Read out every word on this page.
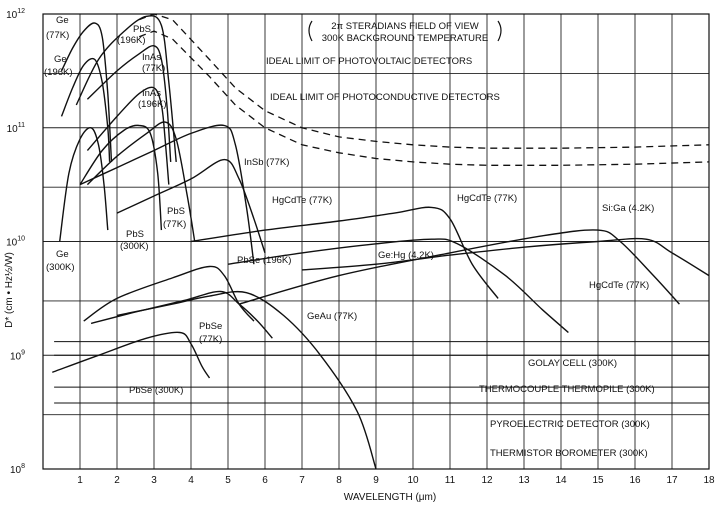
1	2	3	4	5	6	7	8	9	10	11	12	13	14	15	16	17	18
$10^{12}$
$10^{11}$
$10^{10}$
$10^9$
$10^8$
2π STERADIANS FIELD OF VIEW
300K BACKGROUND TEMPERATURE
WAVELENGTH (μm)
D* (cm • Hz½/W)
Ge
(77K)
Ge
(196K)
PbS
(196K)
InAs
(77K)
InAs
(196K)
IDEAL LIMIT OF PHOTOVOLTAIC DETECTORS
IDEAL LIMIT OF PHOTOCONDUCTIVE DETECTORS
InSb (77K)
HgCdTe (77K)	HgCdTe (77K)
Si:Ga (4.2K)
PbS
(77K)
PbS
(300K)
Ge
(300K)
PbSe (196K)	Ge:Hg (4.2K)
HgCdTe (77K)
GeAu (77K)
PbSe
(77K)
PbSe (300K)
GOLAY CELL (300K)
THERMOCOUPLE THERMOPILE (300K)
PYROELECTRIC DETECTOR (300K)
THERMISTOR BOROMETER (300K)
